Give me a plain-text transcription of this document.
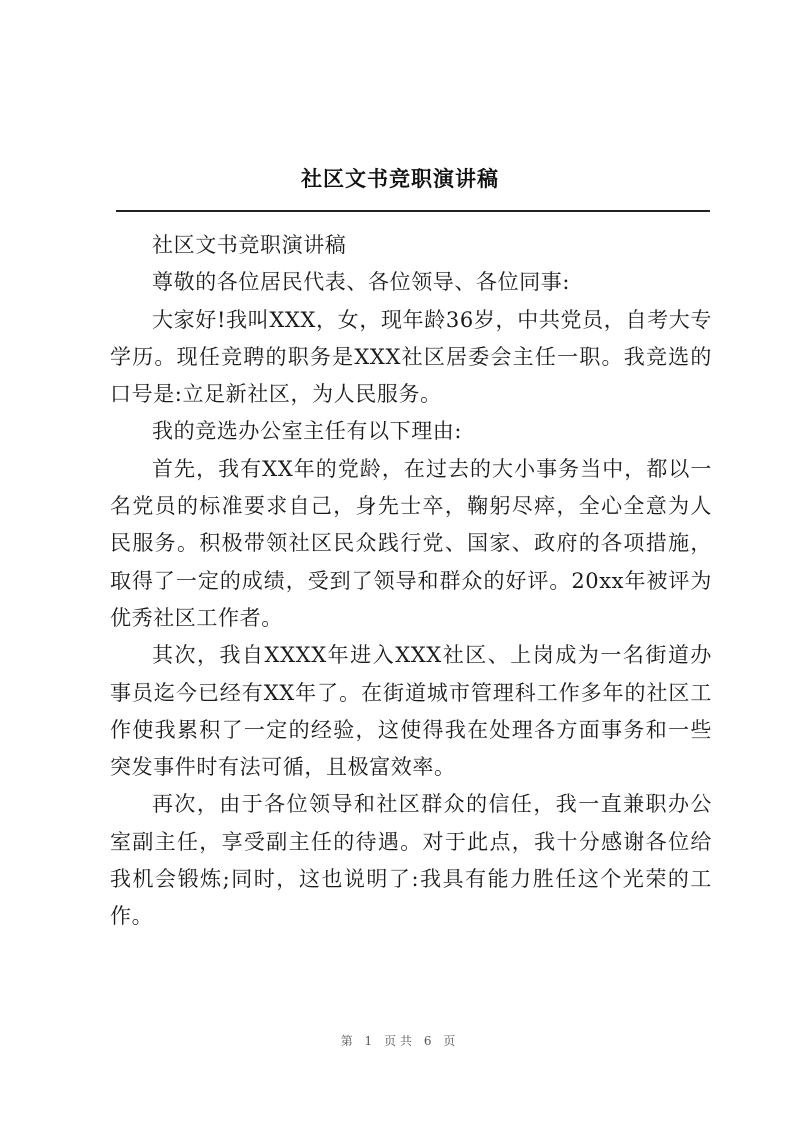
社区文书竞职演讲稿

社区文书竞职演讲稿

尊敬的各位居民代表、各位领导、各位同事:

大家好!我叫XXX，女，现年龄36岁，中共党员，自考大专学历。现任竞聘的职务是XXX社区居委会主任一职。我竞选的口号是:立足新社区，为人民服务。

我的竞选办公室主任有以下理由:

首先，我有XX年的党龄，在过去的大小事务当中，都以一名党员的标准要求自己，身先士卒，鞠躬尽瘁，全心全意为人民服务。积极带领社区民众践行党、国家、政府的各项措施，取得了一定的成绩，受到了领导和群众的好评。20xx年被评为优秀社区工作者。

其次，我自XXXX年进入XXX社区、上岗成为一名街道办事员迄今已经有XX年了。在街道城市管理科工作多年的社区工作使我累积了一定的经验，这使得我在处理各方面事务和一些突发事件时有法可循，且极富效率。

再次，由于各位领导和社区群众的信任，我一直兼职办公室副主任，享受副主任的待遇。对于此点，我十分感谢各位给我机会锻炼;同时，这也说明了:我具有能力胜任这个光荣的工作。

第 1 页共 6 页
